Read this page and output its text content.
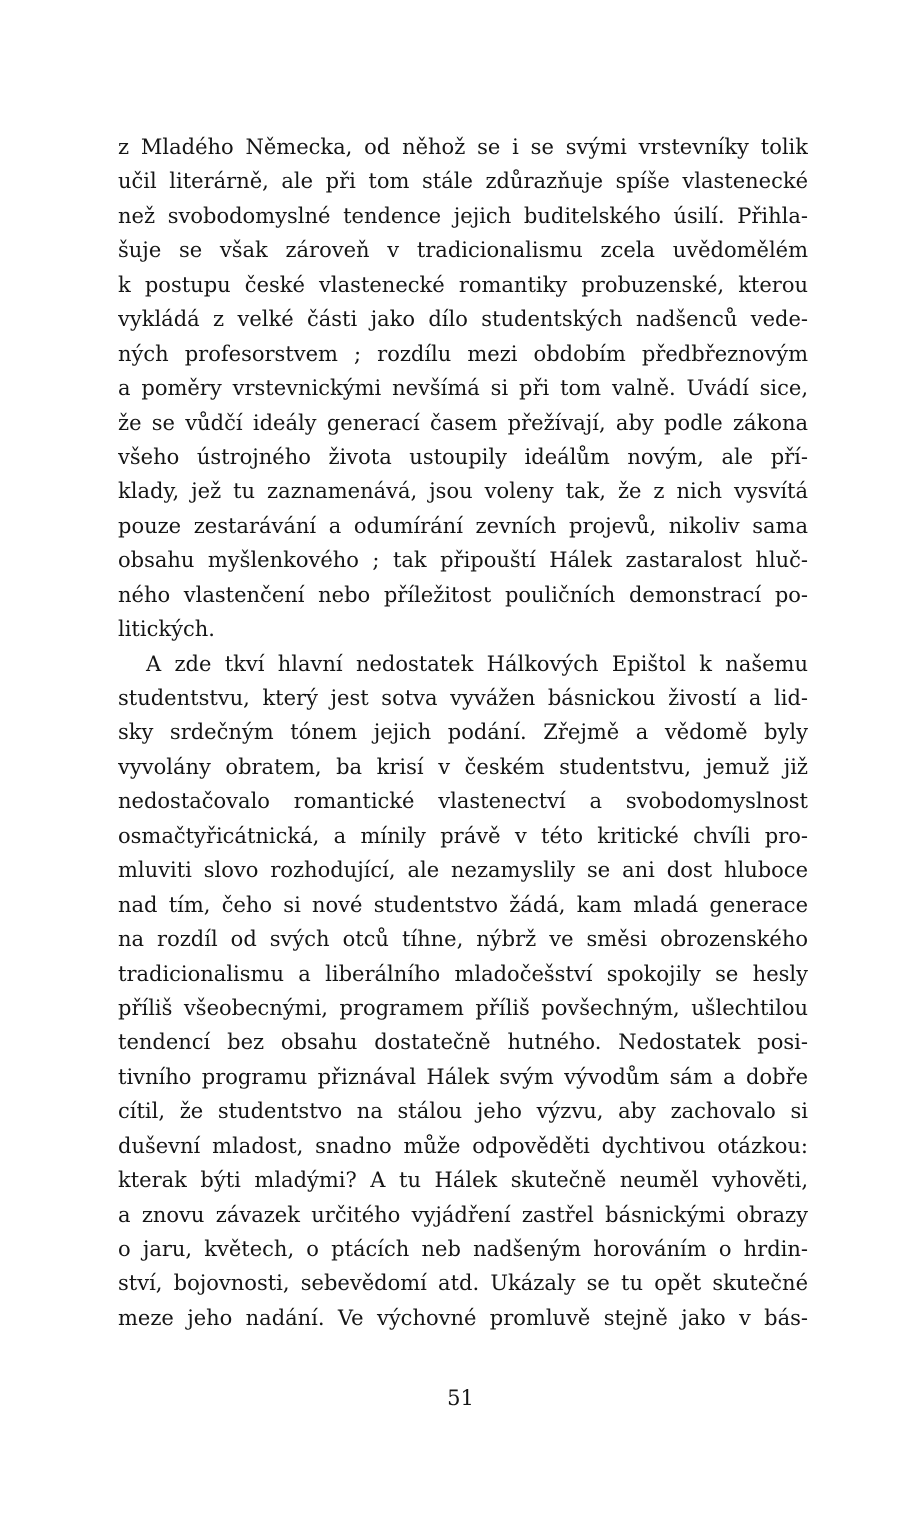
z Mladého Německa, od něhož se i se svými vrstevníky tolik
učil literárně, ale při tom stále zdůrazňuje spíše vlastenecké
než svobodomyslné tendence jejich buditelského úsilí. Přihla-
šuje se však zároveň v tradicionalismu zcela uvědomělém
k postupu české vlastenecké romantiky probuzenské, kterou
vykládá z velké části jako dílo studentských nadšenců vede-
ných profesorstvem ; rozdílu mezi obdobím předbřeznovým
a poměry vrstevnickými nevšímá si při tom valně. Uvádí sice,
že se vůdčí ideály generací časem přežívají, aby podle zákona
všeho ústrojného života ustoupily ideálům novým, ale pří-
klady, jež tu zaznamenává, jsou voleny tak, že z nich vysvítá
pouze zestarávání a odumírání zevních projevů, nikoliv sama
obsahu myšlenkového ; tak připouští Hálek zastaralost hluč-
ného vlastenčení nebo příležitost pouličních demonstrací po-
litických.
A zde tkví hlavní nedostatek Hálkových Epištol k našemu
studentstvu, který jest sotva vyvážen básnickou živostí a lid-
sky srdečným tónem jejich podání. Zřejmě a vědomě byly
vyvolány obratem, ba krisí v českém studentstvu, jemuž již
nedostačovalo romantické vlastenectví a svobodomyslnost
osmačtyřicátnická, a mínily právě v této kritické chvíli pro-
mluviti slovo rozhodující, ale nezamyslily se ani dost hluboce
nad tím, čeho si nové studentstvo žádá, kam mladá generace
na rozdíl od svých otců tíhne, nýbrž ve směsi obrozenského
tradicionalismu a liberálního mladočešství spokojily se hesly
příliš všeobecnými, programem příliš povšechným, ušlechtilou
tendencí bez obsahu dostatečně hutného. Nedostatek posi-
tivního programu přiznával Hálek svým vývodům sám a dobře
cítil, že studentstvo na stálou jeho výzvu, aby zachovalo si
duševní mladost, snadno může odpověděti dychtivou otázkou:
kterak býti mladými? A tu Hálek skutečně neuměl vyhověti,
a znovu závazek určitého vyjádření zastřel básnickými obrazy
o jaru, květech, o ptácích neb nadšeným horováním o hrdin-
ství, bojovnosti, sebevědomí atd. Ukázaly se tu opět skutečné
meze jeho nadání. Ve výchovné promluvě stejně jako v bás-
51
